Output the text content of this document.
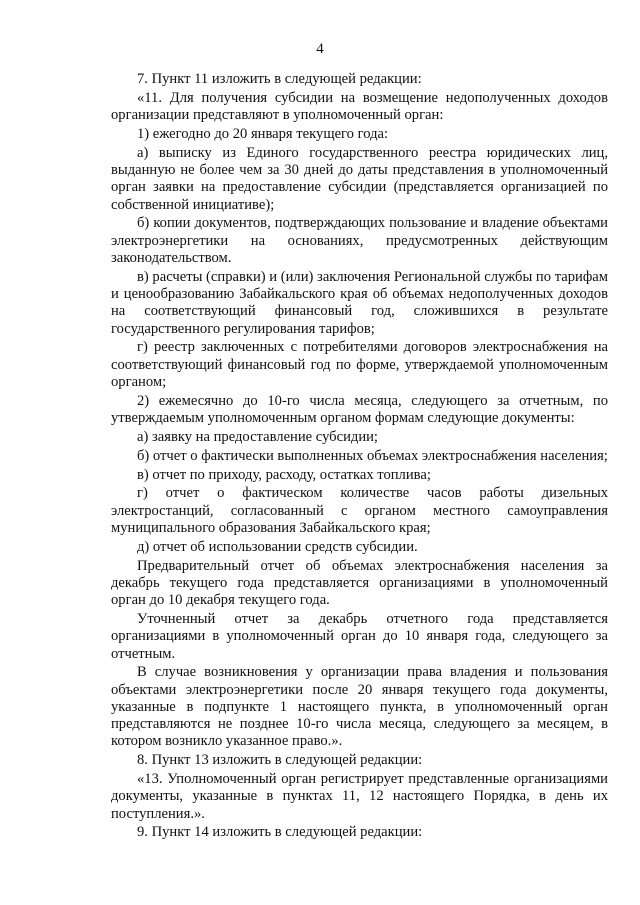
4

7. Пункт 11 изложить в следующей редакции:

«11. Для получения субсидии на возмещение недополученных доходов организации представляют в уполномоченный орган:

1) ежегодно до 20 января текущего года:

а) выписку из Единого государственного реестра юридических лиц, выданную не более чем за 30 дней до даты представления в уполномоченный орган заявки на предоставление субсидии (представляется организацией по собственной инициативе);

б) копии документов, подтверждающих пользование и владение объектами электроэнергетики на основаниях, предусмотренных действующим законодательством.

в) расчеты (справки) и (или) заключения Региональной службы по тарифам и ценообразованию Забайкальского края об объемах недополученных доходов на соответствующий финансовый год, сложившихся в результате государственного регулирования тарифов;

г) реестр заключенных с потребителями договоров электроснабжения на соответствующий финансовый год по форме, утверждаемой уполномоченным органом;

2) ежемесячно до 10-го числа месяца, следующего за отчетным, по утверждаемым уполномоченным органом формам следующие документы:

а) заявку на предоставление субсидии;

б) отчет о фактически выполненных объемах электроснабжения населения;

в) отчет по приходу, расходу, остатках топлива;

г) отчет о фактическом количестве часов работы дизельных электростанций, согласованный с органом местного самоуправления муниципального образования Забайкальского края;

д) отчет об использовании средств субсидии.

Предварительный отчет об объемах электроснабжения населения за декабрь текущего года представляется организациями в уполномоченный орган до 10 декабря текущего года.

Уточненный отчет за декабрь отчетного года представляется организациями в уполномоченный орган до 10 января года, следующего за отчетным.

В случае возникновения у организации права владения и пользования объектами электроэнергетики после 20 января текущего года документы, указанные в подпункте 1 настоящего пункта, в уполномоченный орган представляются не позднее 10-го числа месяца, следующего за месяцем, в котором возникло указанное право.».

8. Пункт 13 изложить в следующей редакции:

«13. Уполномоченный орган регистрирует представленные организациями документы, указанные в пунктах 11, 12 настоящего Порядка, в день их поступления.».

9. Пункт 14 изложить в следующей редакции:
